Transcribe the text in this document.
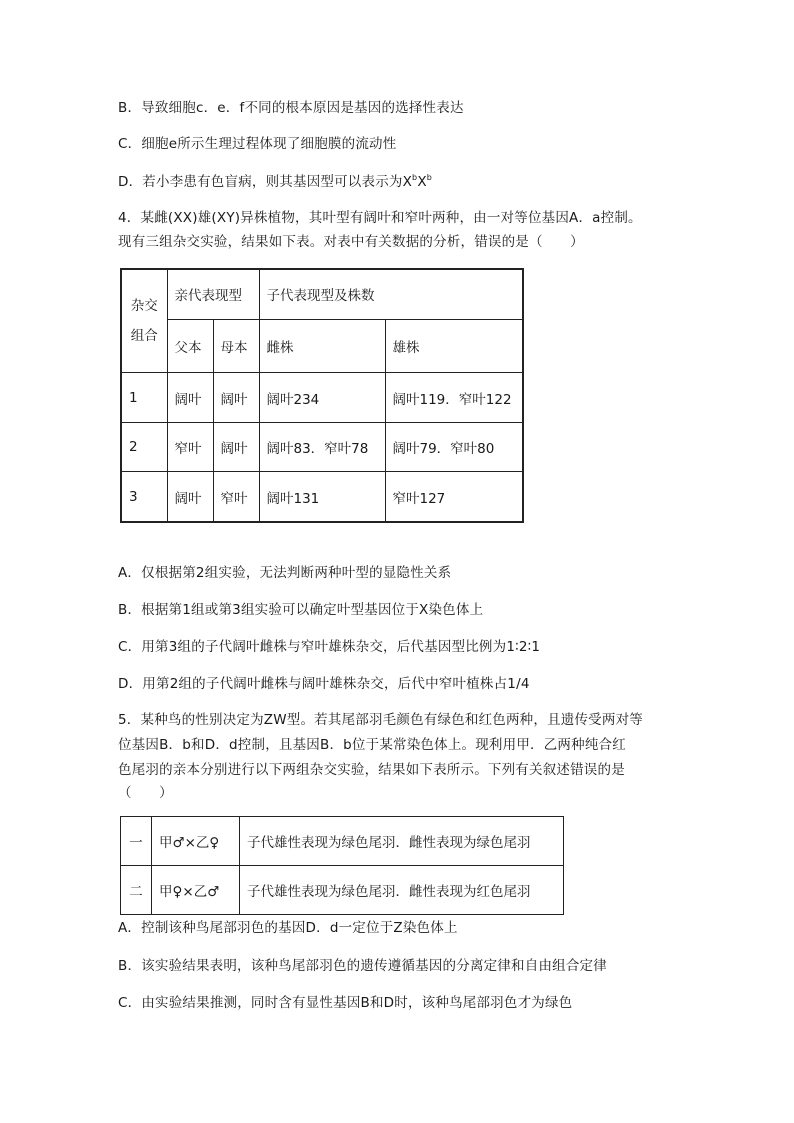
B．导致细胞c．e．f不同的根本原因是基因的选择性表达
C．细胞e所示生理过程体现了细胞膜的流动性
D．若小李患有色盲病，则其基因型可以表示为$X^bX^b$
4．某雌(XX)雄(XY)异株植物，其叶型有阔叶和窄叶两种，由一对等位基因A．a控制。
现有三组杂交实验，结果如下表。对表中有关数据的分析，错误的是（　　）
杂交
组合	亲代表现型		子代表现型及株数	
	父本	母本	雌株	雄株
1	阔叶	阔叶	阔叶234	阔叶119．窄叶122
2	窄叶	阔叶	阔叶83．窄叶78	阔叶79．窄叶80
3	阔叶	窄叶	阔叶131	窄叶127
A．仅根据第2组实验，无法判断两种叶型的显隐性关系
B．根据第1组或第3组实验可以确定叶型基因位于X染色体上
C．用第3组的子代阔叶雌株与窄叶雄株杂交，后代基因型比例为1∶2∶1
D．用第2组的子代阔叶雌株与阔叶雄株杂交，后代中窄叶植株占1/4
5．某种鸟的性别决定为ZW型。若其尾部羽毛颜色有绿色和红色两种，且遗传受两对等
位基因B．b和D．d控制，且基因B．b位于某常染色体上。现利用甲．乙两种纯合红
色尾羽的亲本分别进行以下两组杂交实验，结果如下表所示。下列有关叙述错误的是
（　　）
一	甲♂×乙♀	子代雄性表现为绿色尾羽．雌性表现为绿色尾羽
二	甲♀×乙♂	子代雄性表现为绿色尾羽．雌性表现为红色尾羽
A．控制该种鸟尾部羽色的基因D．d一定位于Z染色体上
B．该实验结果表明，该种鸟尾部羽色的遗传遵循基因的分离定律和自由组合定律
C．由实验结果推测，同时含有显性基因B和D时，该种鸟尾部羽色才为绿色
